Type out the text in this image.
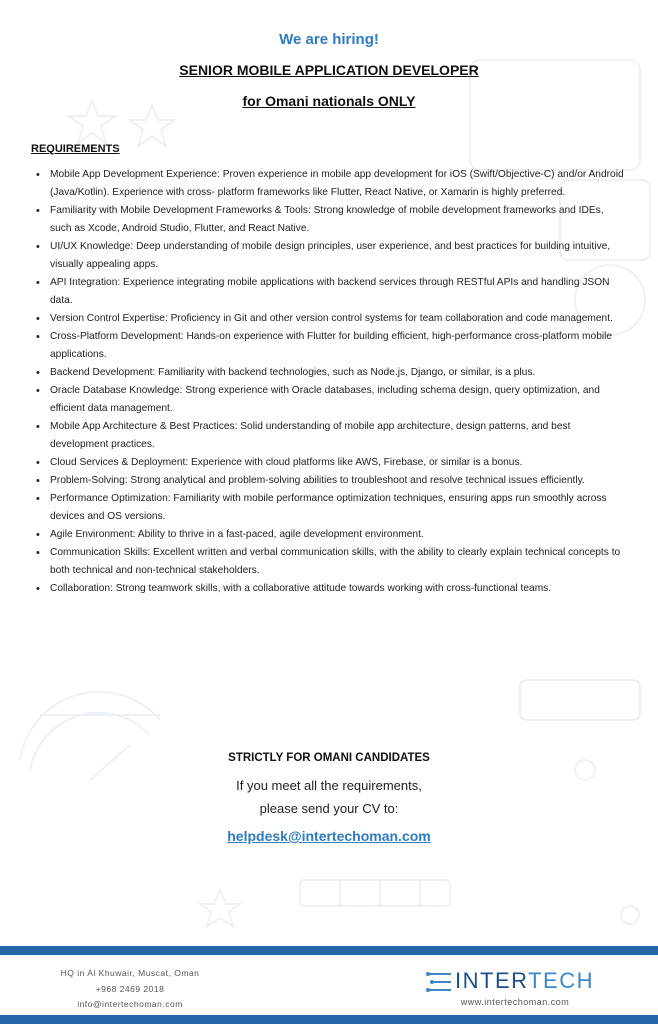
We are hiring!
SENIOR MOBILE APPLICATION DEVELOPER
for Omani nationals ONLY
REQUIREMENTS
• Mobile App Development Experience: Proven experience in mobile app development for iOS (Swift/Objective-C) and/or Android (Java/Kotlin). Experience with cross- platform frameworks like Flutter, React Native, or Xamarin is highly preferred.
• Familiarity with Mobile Development Frameworks & Tools: Strong knowledge of mobile development frameworks and IDEs, such as Xcode, Android Studio, Flutter, and React Native.
• UI/UX Knowledge: Deep understanding of mobile design principles, user experience, and best practices for building intuitive, visually appealing apps.
• API Integration: Experience integrating mobile applications with backend services through RESTful APIs and handling JSON data.
• Version Control Expertise: Proficiency in Git and other version control systems for team collaboration and code management.
• Cross-Platform Development: Hands-on experience with Flutter for building efficient, high-performance cross-platform mobile applications.
• Backend Development: Familiarity with backend technologies, such as Node.js, Django, or similar, is a plus.
• Oracle Database Knowledge: Strong experience with Oracle databases, including schema design, query optimization, and efficient data management.
• Mobile App Architecture & Best Practices: Solid understanding of mobile app architecture, design patterns, and best development practices.
• Cloud Services & Deployment: Experience with cloud platforms like AWS, Firebase, or similar is a bonus.
• Problem-Solving: Strong analytical and problem-solving abilities to troubleshoot and resolve technical issues efficiently.
• Performance Optimization: Familiarity with mobile performance optimization techniques, ensuring apps run smoothly across devices and OS versions.
• Agile Environment: Ability to thrive in a fast-paced, agile development environment.
• Communication Skills: Excellent written and verbal communication skills, with the ability to clearly explain technical concepts to both technical and non-technical stakeholders.
• Collaboration: Strong teamwork skills, with a collaborative attitude towards working with cross-functional teams.
STRICTLY FOR OMANI CANDIDATES
If you meet all the requirements,
please send your CV to:
helpdesk@intertechoman.com
HQ in Al Khuwair, Muscat, Oman
+968 2469 2018
info@intertechoman.com
INTERTECH
www.intertechoman.com
